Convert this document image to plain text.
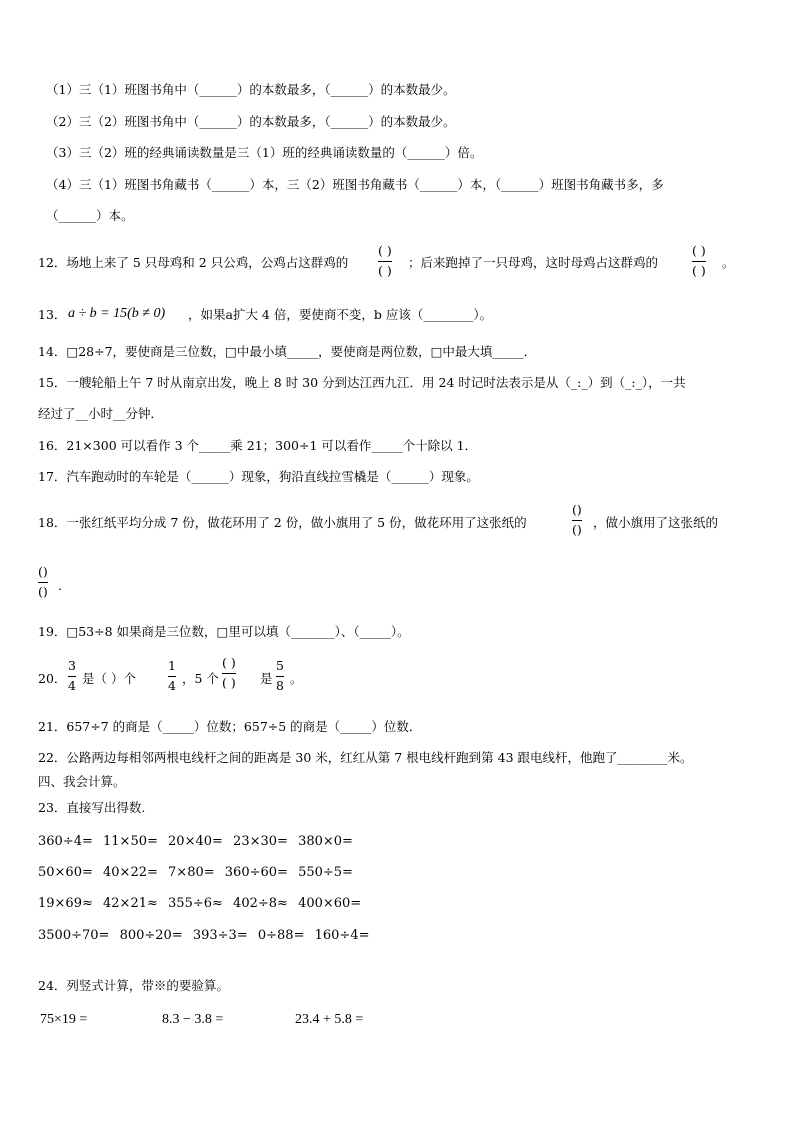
（1）三（1）班图书角中（______）的本数最多，（______）的本数最少。
（2）三（2）班图书角中（______）的本数最多，（______）的本数最少。
（3）三（2）班的经典诵读数量是三（1）班的经典诵读数量的（______）倍。
（4）三（1）班图书角藏书（______）本，三（2）班图书角藏书（______）本，（______）班图书角藏书多，多
（______）本。
12．场地上来了 5 只母鸡和 2 只公鸡，公鸡占这群鸡的
( )
( ) ；后来跑掉了一只母鸡，这时母鸡占这群鸡的
( )
( ) 。
13． a ÷ b = 15(b ≠ 0) ，如果a扩大 4 倍，要使商不变，b 应该（________）。
14．□28÷7，要使商是三位数，□中最小填_____，要使商是两位数，□中最大填_____．
15．一艘轮船上午 7 时从南京出发，晚上 8 时 30 分到达江西九江．用 24 时记时法表示是从（_:_）到（_:_），一共
经过了__小时__分钟．
16．21×300 可以看作 3 个_____乘 21；300÷1 可以看作_____个十除以 1．
17．汽车跑动时的车轮是（______）现象，狗沿直线拉雪橇是（______）现象。
18．一张红纸平均分成 7 份，做花环用了 2 份，做小旗用了 5 份，做花环用了这张纸的
()
() ，做小旗用了这张纸的
()
() .
19．□53÷8 如果商是三位数，□里可以填（_______）、（_____）。
20．
3
4 是（ ）个
1
4 ，5 个
( )
( ) 是
5
8 。
21．657÷7 的商是（_____）位数；657÷5 的商是（_____）位数．
22．公路两边每相邻两根电线杆之间的距离是 30 米，红红从第 7 根电线杆跑到第 43 跟电线杆，他跑了________米。
四、我会计算。
23．直接写出得数.
360÷4= 11×50= 20×40= 23×30= 380×0=
50×60= 40×22= 7×80= 360÷60= 550÷5=
19×69≈ 42×21≈ 355÷6≈ 402÷8≈ 400×60=
3500÷70= 800÷20= 393÷3= 0÷88= 160÷4=
24．列竖式计算，带※的要验算。
75×19 =	8.3 − 3.8 =	23.4 + 5.8 =
